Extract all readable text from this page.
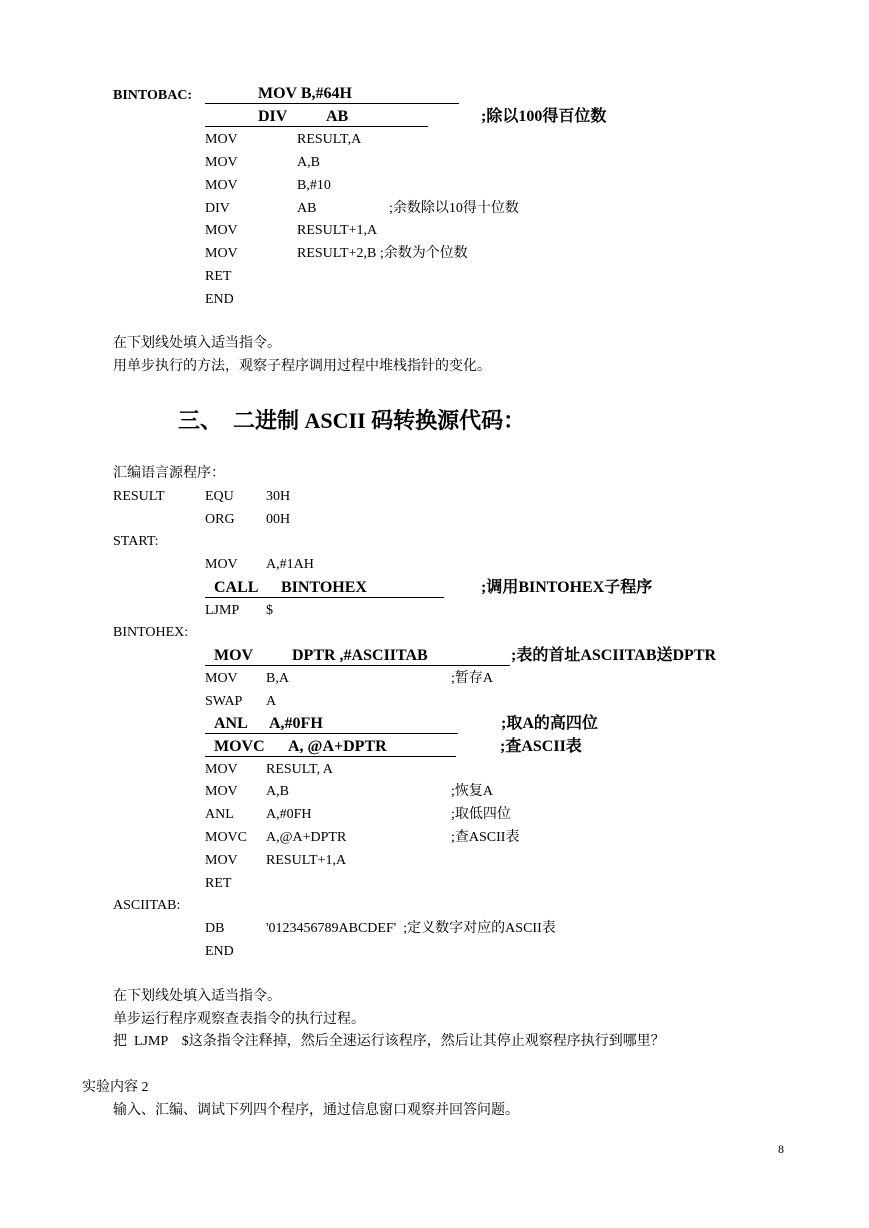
BINTOBAC:	MOV B,#64H
DIV AB	;除以100得百位数
MOV	RESULT,A
MOV	A,B
MOV	B,#10
DIV	AB	;余数除以10得十位数
MOV	RESULT+1,A
MOV	RESULT+2,B ;余数为个位数
RET
END
在下划线处填入适当指令。
用单步执行的方法，观察子程序调用过程中堆栈指针的变化。
三、  二进制 ASCII 码转换源代码：
汇编语言源程序：
RESULT	EQU 30H
ORG 00H
START:
MOV A,#1AH
CALL BINTOHEX	;调用BINTOHEX子程序
LJMP $
BINTOHEX:
MOV DPTR ,#ASCIITAB	;表的首址ASCIITAB送DPTR
MOV B,A	;暂存A
SWAP A
ANL A,#0FH	;取A的高四位
MOVC A, @A+DPTR	;查ASCII表
MOV RESULT, A
MOV A,B	;恢复A
ANL A,#0FH	;取低四位
MOVC A,@A+DPTR	;查ASCII表
MOV RESULT+1,A
RET
ASCIITAB:
DB	'0123456789ABCDEF'  ;定义数字对应的ASCII表
END
在下划线处填入适当指令。
单步运行程序观察查表指令的执行过程。
把  LJMP    $这条指令注释掉，然后全速运行该程序，然后让其停止观察程序执行到哪里？
实验内容 2
输入、汇编、调试下列四个程序，通过信息窗口观察并回答问题。
8
